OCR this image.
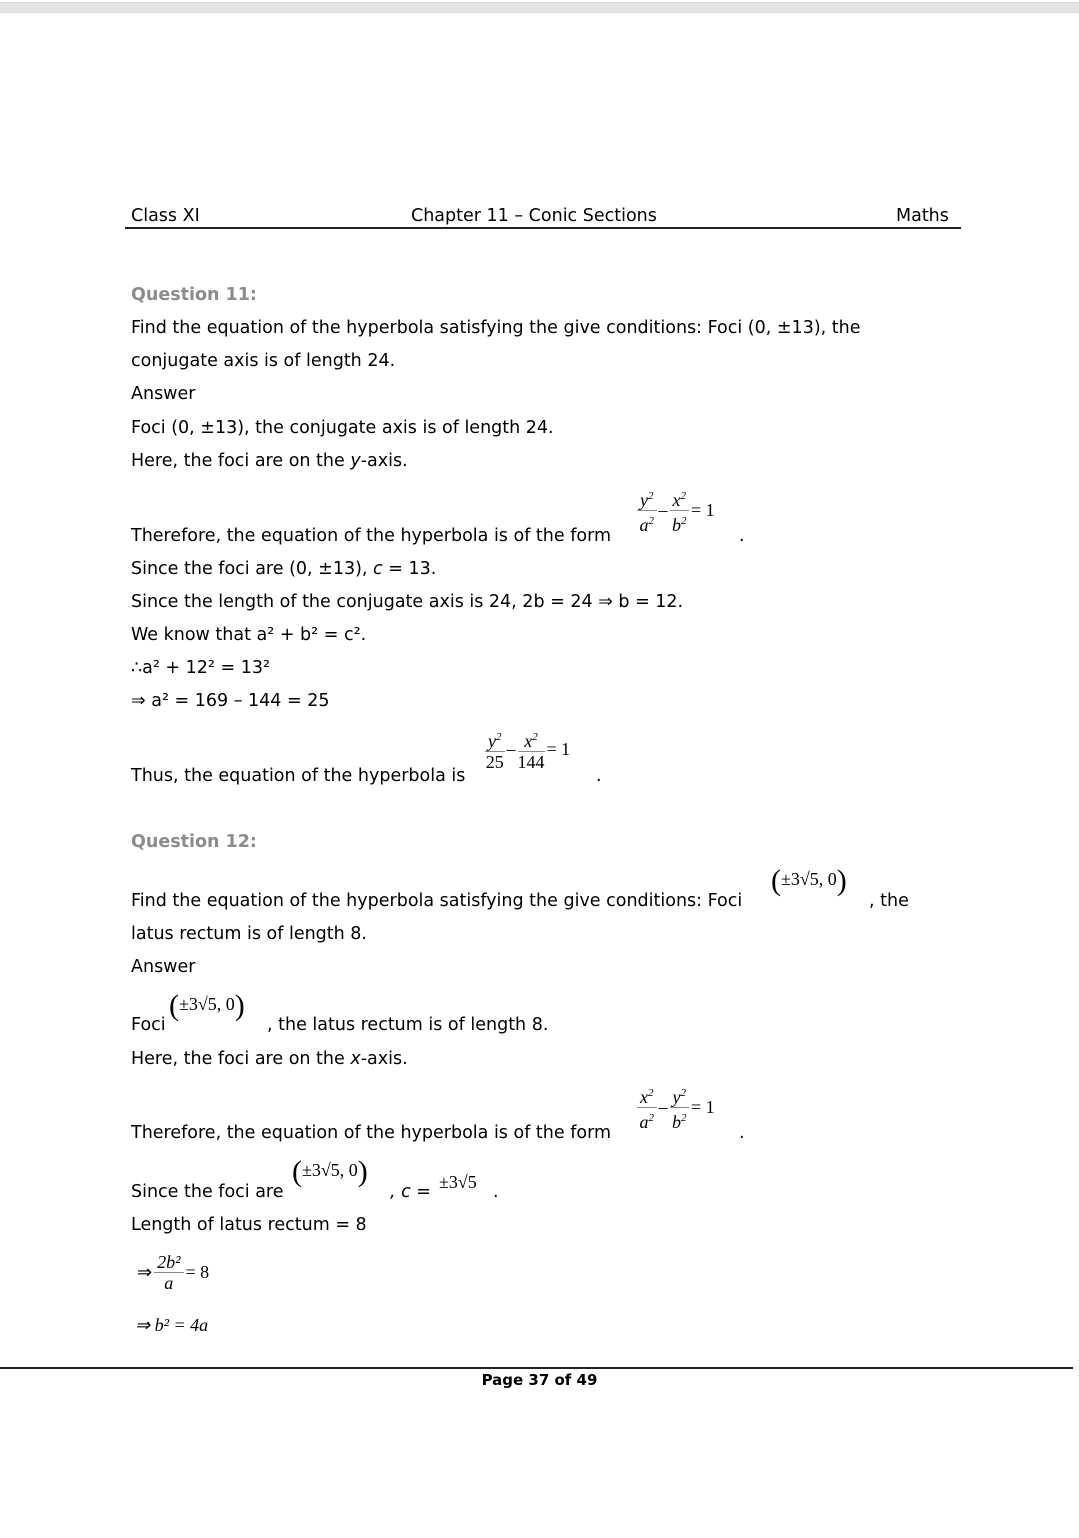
Class XI	Chapter 11 – Conic Sections	Maths
Question 11:
Find the equation of the hyperbola satisfying the give conditions: Foci (0, ±13), the
conjugate axis is of length 24.
Answer
Foci (0, ±13), the conjugate axis is of length 24.
Here, the foci are on the y-axis.
Therefore, the equation of the hyperbola is of the form
$\frac{y^2}{a^2} - \frac{x^2}{b^2} = 1$
.
Since the foci are (0, ±13), c = 13.
Since the length of the conjugate axis is 24, 2b = 24 ⇒ b = 12.
We know that a² + b² = c².
∴a² + 12² = 13²
⇒ a² = 169 – 144 = 25
Thus, the equation of the hyperbola is
$\frac{y^2}{25} - \frac{x^2}{144} = 1$
.
Question 12:
Find the equation of the hyperbola satisfying the give conditions: Foci
(±3√5, 0)
, the
latus rectum is of length 8.
Answer
Foci
(±3√5, 0)
, the latus rectum is of length 8.
Here, the foci are on the x-axis.
Therefore, the equation of the hyperbola is of the form
$\frac{x^2}{a^2} - \frac{y^2}{b^2} = 1$
.
Since the foci are
(±3√5, 0)
, c = ±3√5 .
Length of latus rectum = 8
⇒ $\frac{\text{2b²}}{a} = 8$
⇒ b² = 4a
Page 37 of 49
